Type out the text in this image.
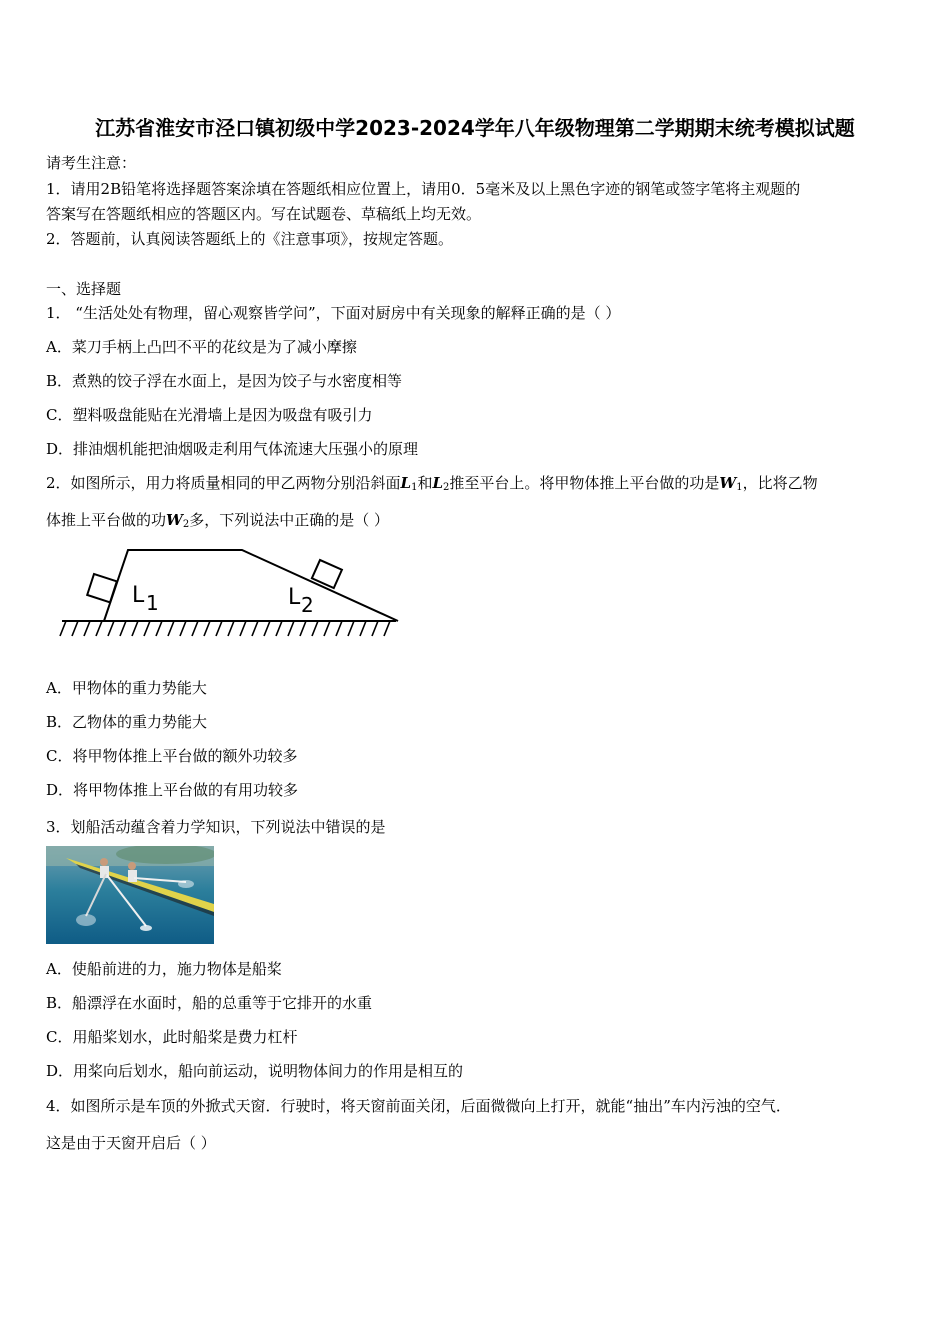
江苏省淮安市泾口镇初级中学2023-2024学年八年级物理第二学期期末统考模拟试题
请考生注意：
1．请用2B铅笔将选择题答案涂填在答题纸相应位置上，请用0．5毫米及以上黑色字迹的钢笔或签字笔将主观题的
答案写在答题纸相应的答题区内。写在试题卷、草稿纸上均无效。
2．答题前，认真阅读答题纸上的《注意事项》，按规定答题。
一、选择题
1． “生活处处有物理，留心观察皆学问”，下面对厨房中有关现象的解释正确的是（ ）
A．菜刀手柄上凸凹不平的花纹是为了减小摩擦
B．煮熟的饺子浮在水面上，是因为饺子与水密度相等
C．塑料吸盘能贴在光滑墙上是因为吸盘有吸引力
D．排油烟机能把油烟吸走利用气体流速大压强小的原理
2．如图所示，用力将质量相同的甲乙两物分别沿斜面$L_1$和$L_2$推至平台上。将甲物体推上平台做的功是$W_1$，比将乙物
体推上平台做的功$W_2$多，下列说法中正确的是（ ）
L 1	L 2
A．甲物体的重力势能大
B．乙物体的重力势能大
C．将甲物体推上平台做的额外功较多
D．将甲物体推上平台做的有用功较多
3．划船活动蕴含着力学知识，下列说法中错误的是
A．使船前进的力，施力物体是船桨
B．船漂浮在水面时，船的总重等于它排开的水重
C．用船桨划水，此时船桨是费力杠杆
D．用桨向后划水，船向前运动，说明物体间力的作用是相互的
4．如图所示是车顶的外掀式天窗．行驶时，将天窗前面关闭，后面微微向上打开，就能“抽出”车内污浊的空气．
这是由于天窗开启后（ ）
